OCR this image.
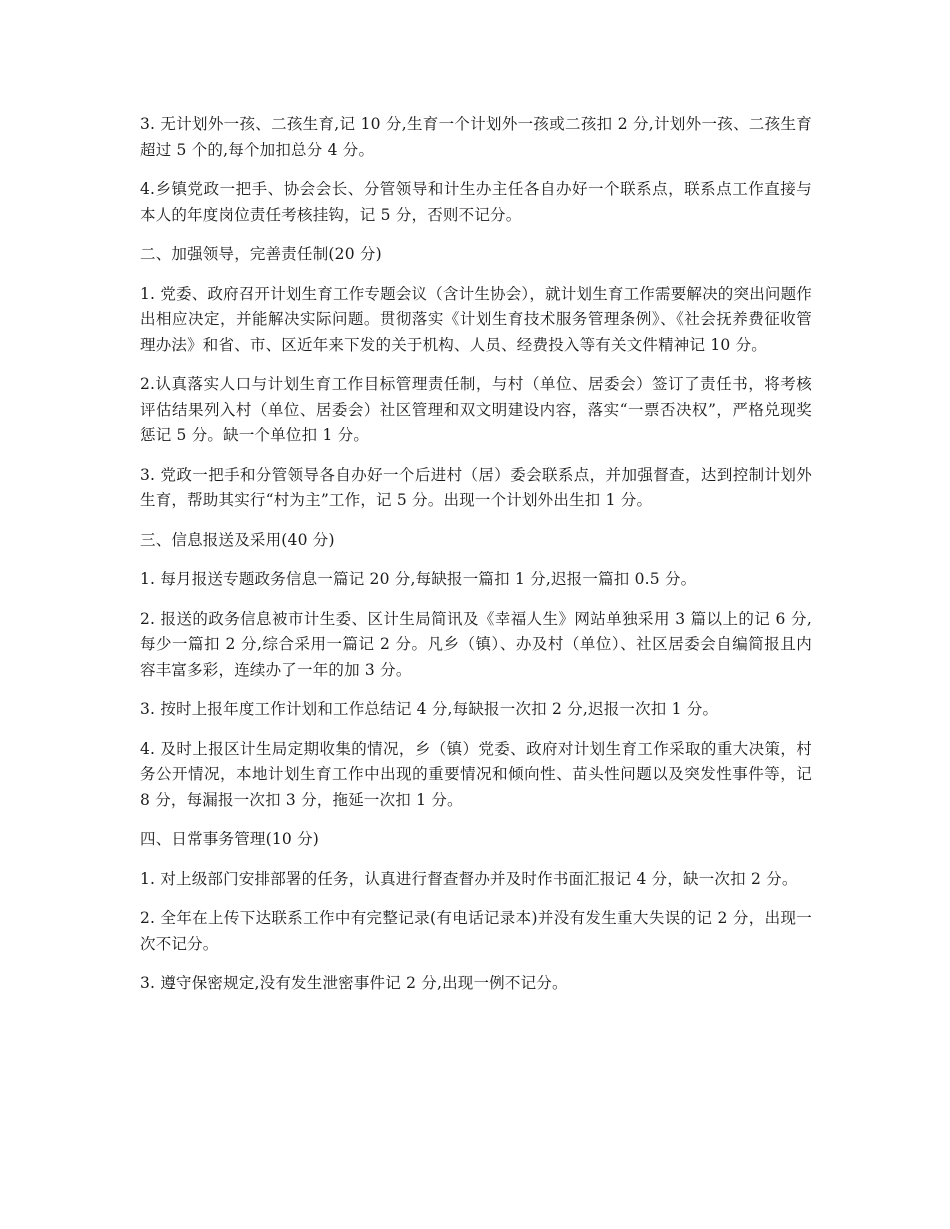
3. 无计划外一孩、二孩生育,记 10 分,生育一个计划外一孩或二孩扣 2 分,计划外一孩、二孩生育超过 5 个的,每个加扣总分 4 分。

4.乡镇党政一把手、协会会长、分管领导和计生办主任各自办好一个联系点，联系点工作直接与本人的年度岗位责任考核挂钩，记 5 分，否则不记分。

二、加强领导，完善责任制(20 分)

1. 党委、政府召开计划生育工作专题会议（含计生协会），就计划生育工作需要解决的突出问题作出相应决定，并能解决实际问题。贯彻落实《计划生育技术服务管理条例》、《社会抚养费征收管理办法》和省、市、区近年来下发的关于机构、人员、经费投入等有关文件精神记 10 分。

2.认真落实人口与计划生育工作目标管理责任制，与村（单位、居委会）签订了责任书，将考核评估结果列入村（单位、居委会）社区管理和双文明建设内容，落实“一票否决权”，严格兑现奖惩记 5 分。缺一个单位扣 1 分。

3. 党政一把手和分管领导各自办好一个后进村（居）委会联系点，并加强督查，达到控制计划外生育，帮助其实行“村为主”工作，记 5 分。出现一个计划外出生扣 1 分。

三、信息报送及采用(40 分)

1. 每月报送专题政务信息一篇记 20 分,每缺报一篇扣 1 分,迟报一篇扣 0.5 分。

2. 报送的政务信息被市计生委、区计生局简讯及《幸福人生》网站单独采用 3 篇以上的记 6 分,每少一篇扣 2 分,综合采用一篇记 2 分。凡乡（镇）、办及村（单位）、社区居委会自编简报且内容丰富多彩，连续办了一年的加 3 分。

3. 按时上报年度工作计划和工作总结记 4 分,每缺报一次扣 2 分,迟报一次扣 1 分。

4. 及时上报区计生局定期收集的情况，乡（镇）党委、政府对计划生育工作采取的重大决策，村务公开情况，本地计划生育工作中出现的重要情况和倾向性、苗头性问题以及突发性事件等，记 8 分，每漏报一次扣 3 分，拖延一次扣 1 分。

四、日常事务管理(10 分)

1. 对上级部门安排部署的任务，认真进行督查督办并及时作书面汇报记 4 分，缺一次扣 2 分。

2. 全年在上传下达联系工作中有完整记录(有电话记录本)并没有发生重大失误的记 2 分，出现一次不记分。

3. 遵守保密规定,没有发生泄密事件记 2 分,出现一例不记分。
